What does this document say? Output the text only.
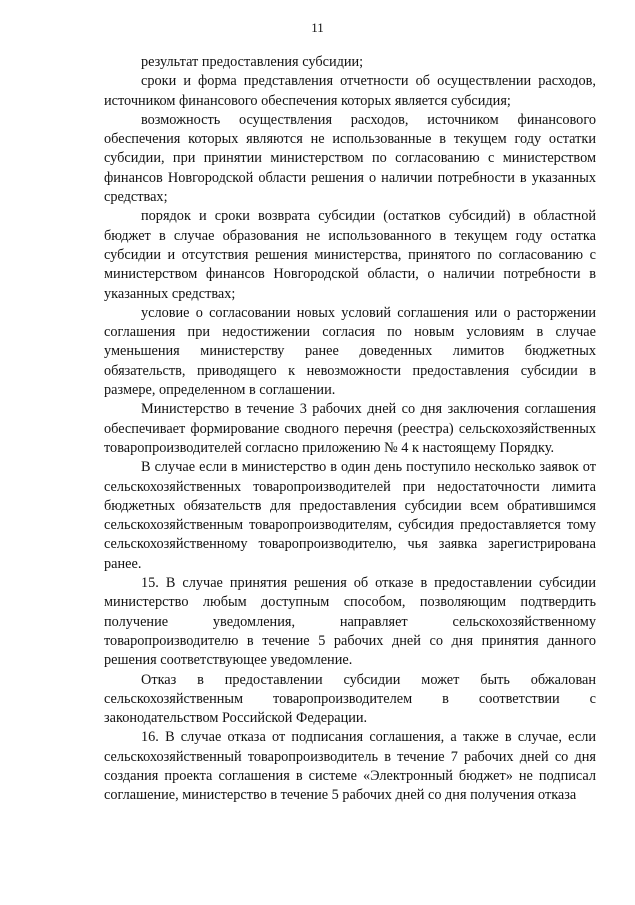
11

результат предоставления субсидии;

сроки и форма представления отчетности об осуществлении расходов, источником финансового обеспечения которых является субсидия;

возможность осуществления расходов, источником финансового обеспечения которых являются не использованные в текущем году остатки субсидии, при принятии министерством по согласованию с министерством финансов Новгородской области решения о наличии потребности в указанных средствах;

порядок и сроки возврата субсидии (остатков субсидий) в областной бюджет в случае образования не использованного в текущем году остатка субсидии и отсутствия решения министерства, принятого по согласованию с министерством финансов Новгородской области, о наличии потребности в указанных средствах;

условие о согласовании новых условий соглашения или о расторжении соглашения при недостижении согласия по новым условиям в случае уменьшения министерству ранее доведенных лимитов бюджетных обязательств, приводящего к невозможности предоставления субсидии в размере, определенном в соглашении.

Министерство в течение 3 рабочих дней со дня заключения соглашения обеспечивает формирование сводного перечня (реестра) сельскохозяйственных товаропроизводителей согласно приложению № 4 к настоящему Порядку.

В случае если в министерство в один день поступило несколько заявок от сельскохозяйственных товаропроизводителей при недостаточности лимита бюджетных обязательств для предоставления субсидии всем обратившимся сельскохозяйственным товаропроизводителям, субсидия предоставляется тому сельскохозяйственному товаропроизводителю, чья заявка зарегистрирована ранее.

15. В случае принятия решения об отказе в предоставлении субсидии министерство любым доступным способом, позволяющим подтвердить получение уведомления, направляет сельскохозяйственному товаропроизводителю в течение 5 рабочих дней со дня принятия данного решения соответствующее уведомление.

Отказ в предоставлении субсидии может быть обжалован сельскохозяйственным товаропроизводителем в соответствии с законодательством Российской Федерации.

16. В случае отказа от подписания соглашения, а также в случае, если сельскохозяйственный товаропроизводитель в течение 7 рабочих дней со дня создания проекта соглашения в системе «Электронный бюджет» не подписал соглашение, министерство в течение 5 рабочих дней со дня получения отказа
